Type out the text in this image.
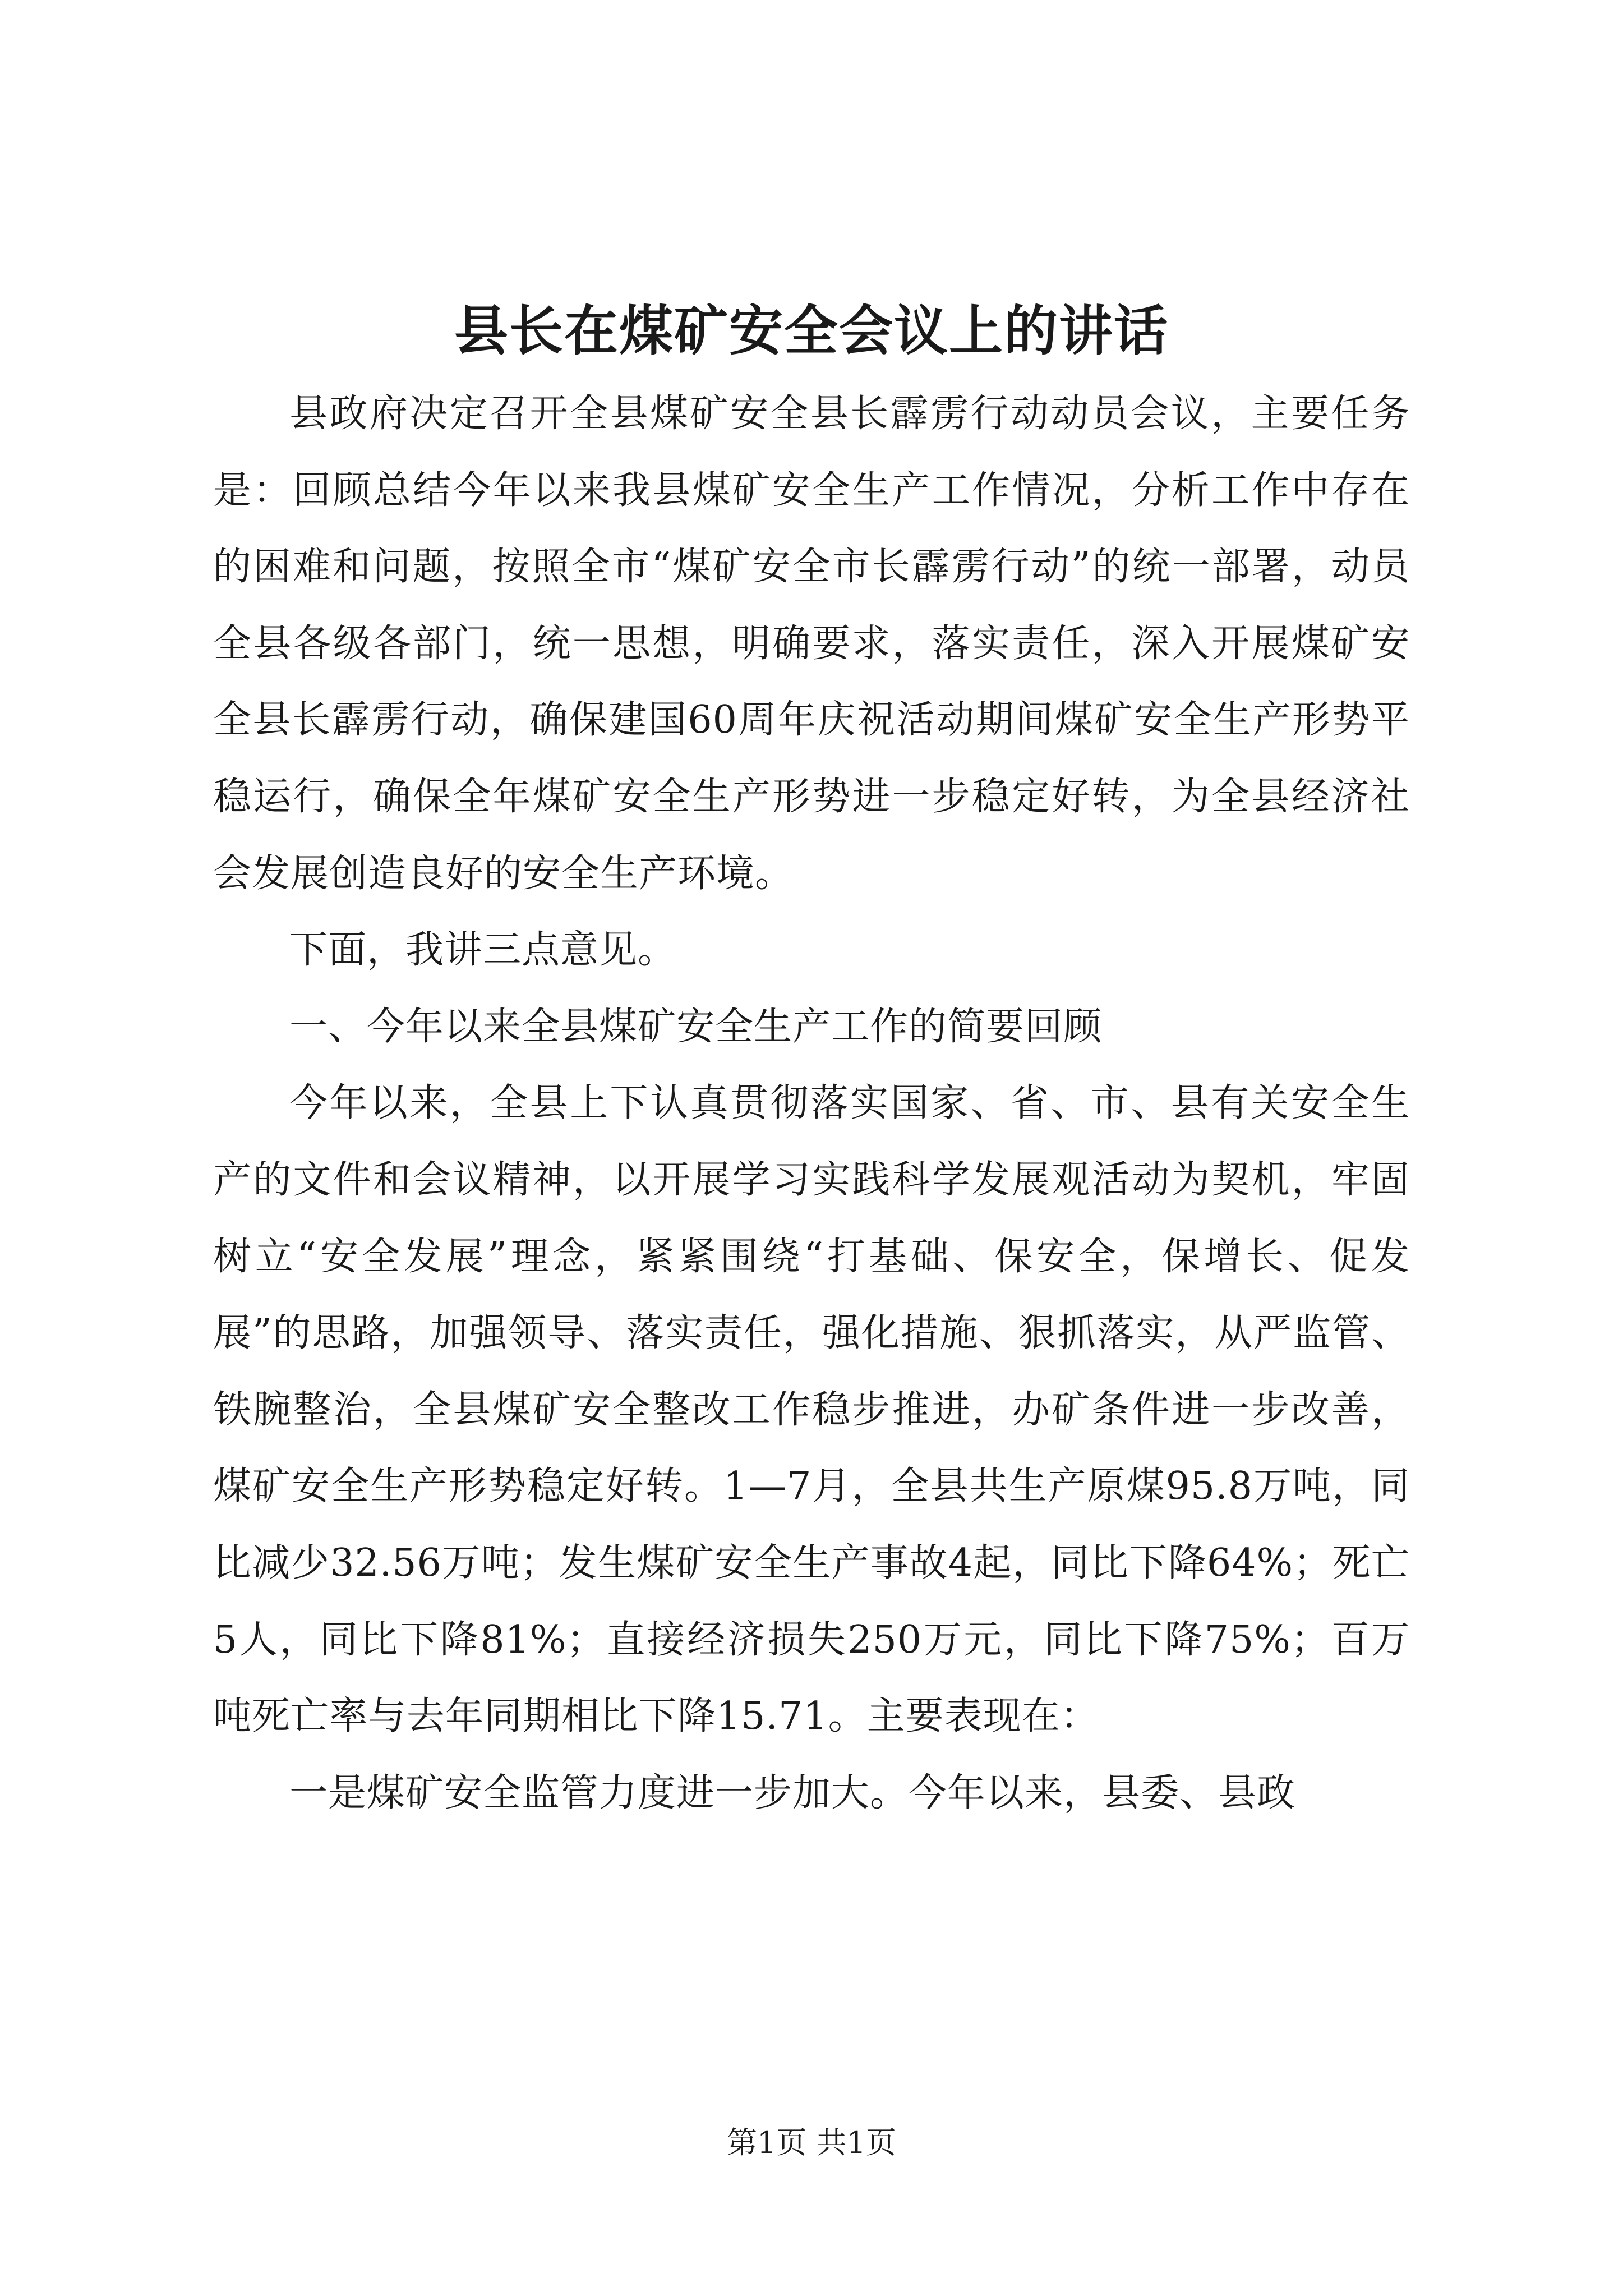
县长在煤矿安全会议上的讲话

县政府决定召开全县煤矿安全县长霹雳行动动员会议，主要任务是：回顾总结今年以来我县煤矿安全生产工作情况，分析工作中存在的困难和问题，按照全市“煤矿安全市长霹雳行动”的统一部署，动员全县各级各部门，统一思想，明确要求，落实责任，深入开展煤矿安全县长霹雳行动，确保建国60周年庆祝活动期间煤矿安全生产形势平稳运行，确保全年煤矿安全生产形势进一步稳定好转，为全县经济社会发展创造良好的安全生产环境。

下面，我讲三点意见。

一、今年以来全县煤矿安全生产工作的简要回顾

今年以来，全县上下认真贯彻落实国家、省、市、县有关安全生产的文件和会议精神，以开展学习实践科学发展观活动为契机，牢固树立“安全发展”理念，紧紧围绕“打基础、保安全，保增长、促发展”的思路，加强领导、落实责任，强化措施、狠抓落实，从严监管、铁腕整治，全县煤矿安全整改工作稳步推进，办矿条件进一步改善，煤矿安全生产形势稳定好转。1—7月，全县共生产原煤95.8万吨，同比减少32.56万吨；发生煤矿安全生产事故4起，同比下降64%；死亡5人，同比下降81%；直接经济损失250万元，同比下降75%；百万吨死亡率与去年同期相比下降15.71。主要表现在：

一是煤矿安全监管力度进一步加大。今年以来，县委、县政

第1页 共1页
